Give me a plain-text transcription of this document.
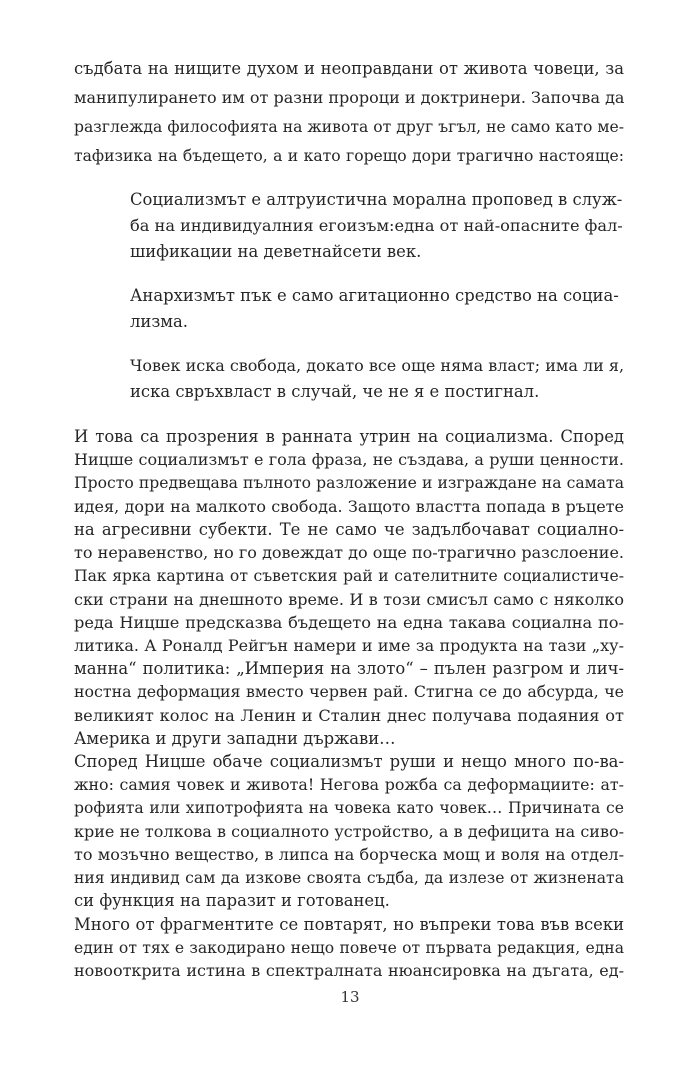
съдбата на нищите духом и неоправдани от живота човеци, за
манипулирането им от разни пророци и доктринери. Започва да
разглежда философията на живота от друг ъгъл, не само като ме-
тафизика на бъдещето, а и като горещо дори трагично настояще:
Социализмът е алтруистична морална проповед в служ-
ба на индивидуалния егоизъм:една от най-опасните фал-
шификации на деветнайсети век.
Анархизмът пък е само агитационно средство на социа-
лизма.
Човек иска свобода, докато все още няма власт; има ли я,
иска свръхвласт в случай, че не я е постигнал.
И това са прозрения в ранната утрин на социализма. Според
Ницше социализмът е гола фраза, не създава, а руши ценности.
Просто предвещава пълното разложение и изграждане на самата
идея, дори на малкото свобода. Защото властта попада в ръцете
на агресивни субекти. Те не само че задълбочават социално-
то неравенство, но го довеждат до още по-трагично разслоение.
Пак ярка картина от съветския рай и сателитните социалистиче-
ски страни на днешното време. И в този смисъл само с няколко
реда Ницше предсказва бъдещето на една такава социална по-
литика. А Роналд Рейгън намери и име за продукта на тази „ху-
манна“ политика: „Империя на злото“ – пълен разгром и лич-
ностна деформация вместо червен рай. Стигна се до абсурда, че
великият колос на Ленин и Сталин днес получава подаяния от
Америка и други западни държави…
Според Ницше обаче социализмът руши и нещо много по-ва-
жно: самия човек и живота! Негова рожба са деформациите: ат-
рофията или хипотрофията на човека като човек… Причината се
крие не толкова в социалното устройство, а в дефицита на сиво-
то мозъчно вещество, в липса на борческа мощ и воля на отдел-
ния индивид сам да изкове своята съдба, да излезе от жизнената
си функция на паразит и готованец.
Много от фрагментите се повтарят, но въпреки това във всеки
един от тях е закодирано нещо повече от първата редакция, една
новооткрита истина в спектралната нюансировка на дъгата, ед-
13
